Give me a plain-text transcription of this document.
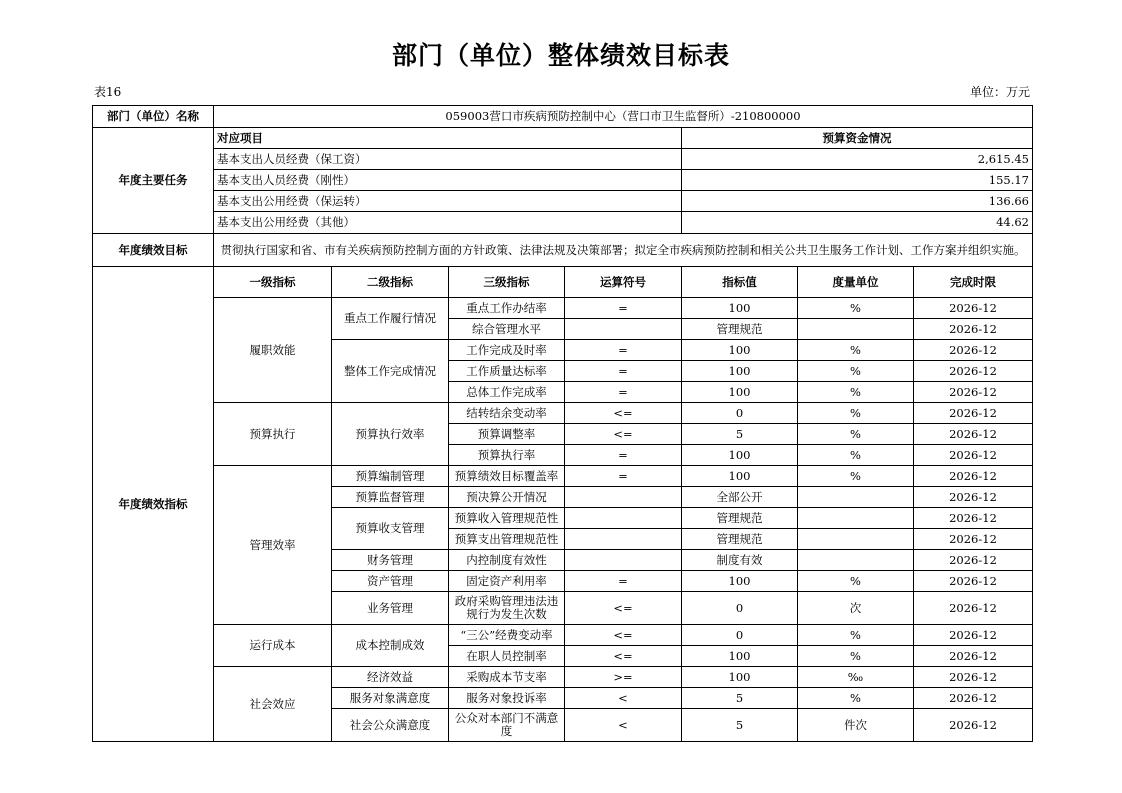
部门（单位）整体绩效目标表
表16	单位：万元
部门（单位）名称	059003营口市疾病预防控制中心（营口市卫生监督所）-210800000						
年度主要任务	对应项目				预算资金情况		
	基本支出人员经费（保工资）				2,615.45		
	基本支出人员经费（刚性）				155.17		
	基本支出公用经费（保运转）				136.66		
	基本支出公用经费（其他）				44.62		
年度绩效目标	贯彻执行国家和省、市有关疾病预防控制方面的方针政策、法律法规及决策部署；拟定全市疾病预防控制和相关公共卫生服务工作计划、工作方案并组织实施。						
年度绩效指标	一级指标	二级指标	三级指标	运算符号	指标值	度量单位	完成时限
	履职效能	重点工作履行情况	重点工作办结率	=	100	%	2026-12
			综合管理水平		管理规范		2026-12
		整体工作完成情况	工作完成及时率	=	100	%	2026-12
			工作质量达标率	=	100	%	2026-12
			总体工作完成率	=	100	%	2026-12
	预算执行	预算执行效率	结转结余变动率	<=	0	%	2026-12
			预算调整率	<=	5	%	2026-12
			预算执行率	=	100	%	2026-12
	管理效率	预算编制管理	预算绩效目标覆盖率	=	100	%	2026-12
		预算监督管理	预决算公开情况		全部公开		2026-12
		预算收支管理	预算收入管理规范性		管理规范		2026-12
			预算支出管理规范性		管理规范		2026-12
		财务管理	内控制度有效性		制度有效		2026-12
		资产管理	固定资产利用率	=	100	%	2026-12
		业务管理	政府采购管理违法违规行为发生次数	<=	0	次	2026-12
	运行成本	成本控制成效	“三公”经费变动率	<=	0	%	2026-12
			在职人员控制率	<=	100	%	2026-12
	社会效应	经济效益	采购成本节支率	>=	100	‰	2026-12
		服务对象满意度	服务对象投诉率	<	5	%	2026-12
		社会公众满意度	公众对本部门不满意度	<	5	件次	2026-12
